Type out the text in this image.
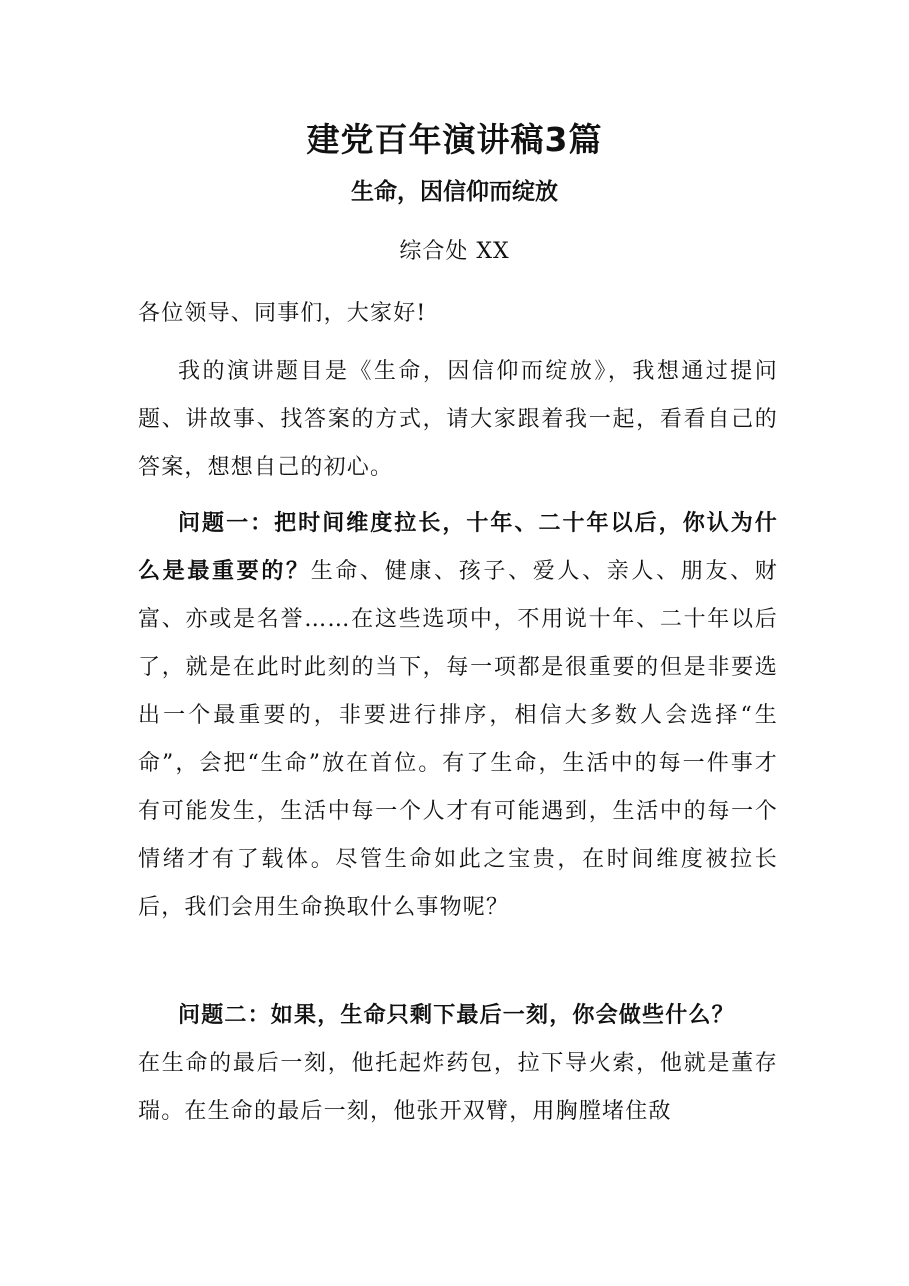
建党百年演讲稿3篇
生命，因信仰而绽放
综合处 XX
各位领导、同事们，大家好!
我的演讲题目是《生命，因信仰而绽放》，我想通过提问题、讲故事、找答案的方式，请大家跟着我一起，看看自己的答案，想想自己的初心。
问题一：把时间维度拉长，十年、二十年以后，你认为什么是最重要的？生命、健康、孩子、爱人、亲人、朋友、财富、亦或是名誉……在这些选项中，不用说十年、二十年以后了，就是在此时此刻的当下，每一项都是很重要的但是非要选出一个最重要的，非要进行排序，相信大多数人会选择“生命”，会把“生命”放在首位。有了生命，生活中的每一件事才有可能发生，生活中每一个人才有可能遇到，生活中的每一个情绪才有了载体。尽管生命如此之宝贵，在时间维度被拉长后，我们会用生命换取什么事物呢？
问题二：如果，生命只剩下最后一刻，你会做些什么？
在生命的最后一刻，他托起炸药包，拉下导火索，他就是董存瑞。在生命的最后一刻，他张开双臂，用胸膛堵住敌
